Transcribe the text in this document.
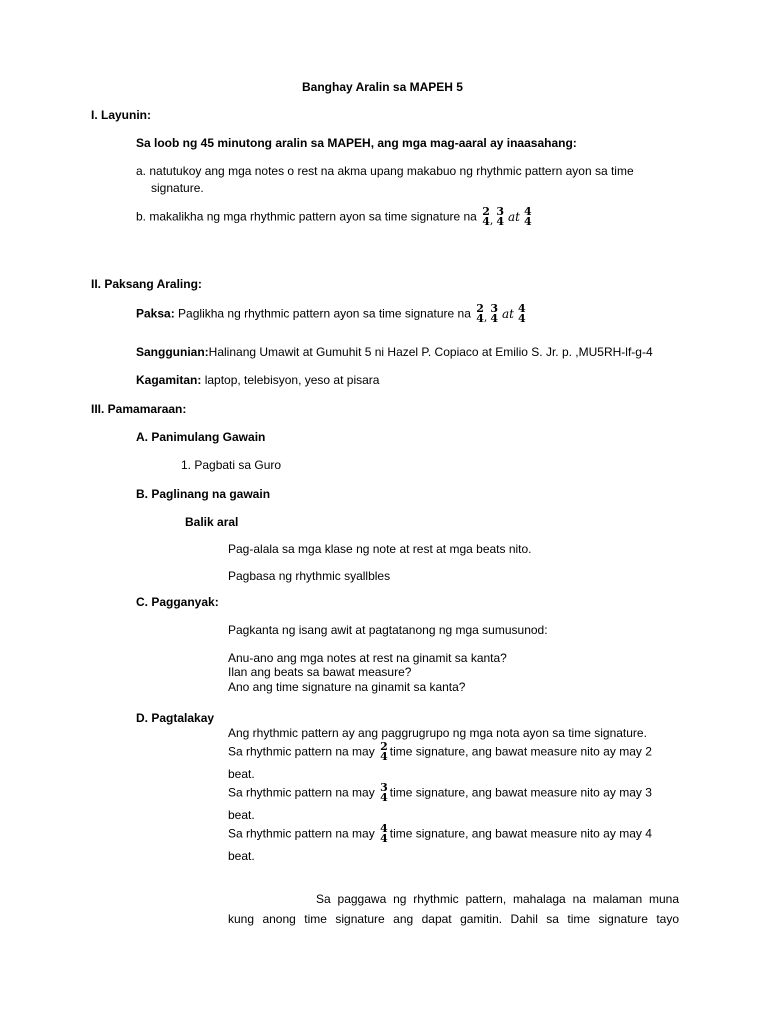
Banghay Aralin sa MAPEH 5
I. Layunin:
Sa loob ng 45 minutong aralin sa MAPEH, ang mga mag-aaral ay inaasahang:
a. natutukoy ang mga notes o rest na akma upang makabuo ng rhythmic pattern ayon sa time
signature.
b. makalikha ng mga rhythmic pattern ayon sa time signature na 2
4 ,
3
4 at 4
4
II. Paksang Araling:
Paksa: Paglikha ng rhythmic pattern ayon sa time signature na 2
4 ,
3
4 at 4
4
Sanggunian:Halinang Umawit at Gumuhit 5 ni Hazel P. Copiaco at Emilio S. Jr. p. ,MU5RH-lf-g-4
Kagamitan: laptop, telebisyon, yeso at pisara
III. Pamamaraan:
A. Panimulang Gawain
1. Pagbati sa Guro
B. Paglinang na gawain
Balik aral
Pag-alala sa mga klase ng note at rest at mga beats nito.
Pagbasa ng rhythmic syallbles
C. Pagganyak:
Pagkanta ng isang awit at pagtatanong ng mga sumusunod:
Anu-ano ang mga notes at rest na ginamit sa kanta?
Ilan ang beats sa bawat measure?
Ano ang time signature na ginamit sa kanta?
D. Pagtalakay
Ang rhythmic pattern ay ang paggrugrupo ng mga nota ayon sa time signature.
Sa rhythmic pattern na may 2
4 time signature, ang bawat measure nito ay may 2
beat.
Sa rhythmic pattern na may 3
4 time signature, ang bawat measure nito ay may 3
beat.
Sa rhythmic pattern na may 4
4 time signature, ang bawat measure nito ay may 4
beat.
Sa paggawa ng rhythmic pattern, mahalaga na malaman muna
kung anong time signature ang dapat gamitin. Dahil sa time signature tayo
